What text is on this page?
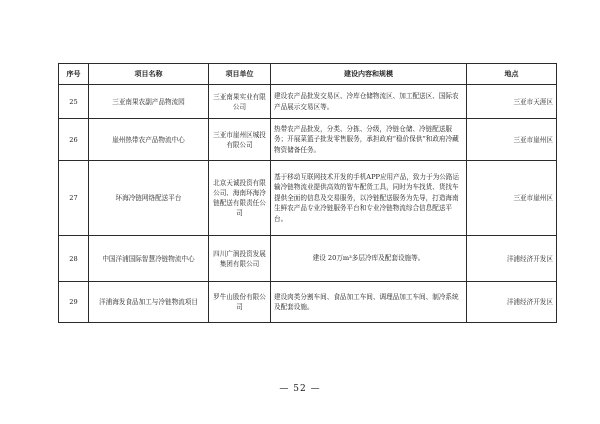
序号	项目名称	项目单位	建设内容和规模	地点
25	三亚南果农副产品物流园	三亚南果实业有限公司	建设农产品批发交易区、冷库仓储物流区、加工配送区、国际农产品展示交易区等。	三亚市天涯区
26	崖州热带农产品物流中心	三亚市崖州区城投有限公司	热带农产品批发，分类、分拣、分级，冷链仓储、冷链配送服务；开展菜篮子批发零售服务，承担政府“稳价保供”和政府冷藏物资储备任务。	三亚市崖州区
27	环海冷链网络配送平台	北京天诚投资有限公司、海南环海冷链配送有限责任公司	基于移动互联网技术开发的手机APP应用产品，致力于为公路运输冷链物流业提供高效的智车配货工具，同时为车找货、货找车提供全面的信息及交易服务，以冷链配送服务为先导，打造海南生鲜农产品专业冷链服务平台和专业冷链物流综合信息配送平台。	三亚市崖州区
28	中国洋浦国际智慧冷链物流中心	四川广润投资发展集团有限公司	建设 20万m³多层冷库及配套设施等。	洋浦经济开发区
29	洋浦海发食品加工与冷链物流项目	罗牛山股份有限公司	建设肉类分割车间、食品加工车间、调理品加工车间、制冷系统及配套设施。	洋浦经济开发区
— 52 —
